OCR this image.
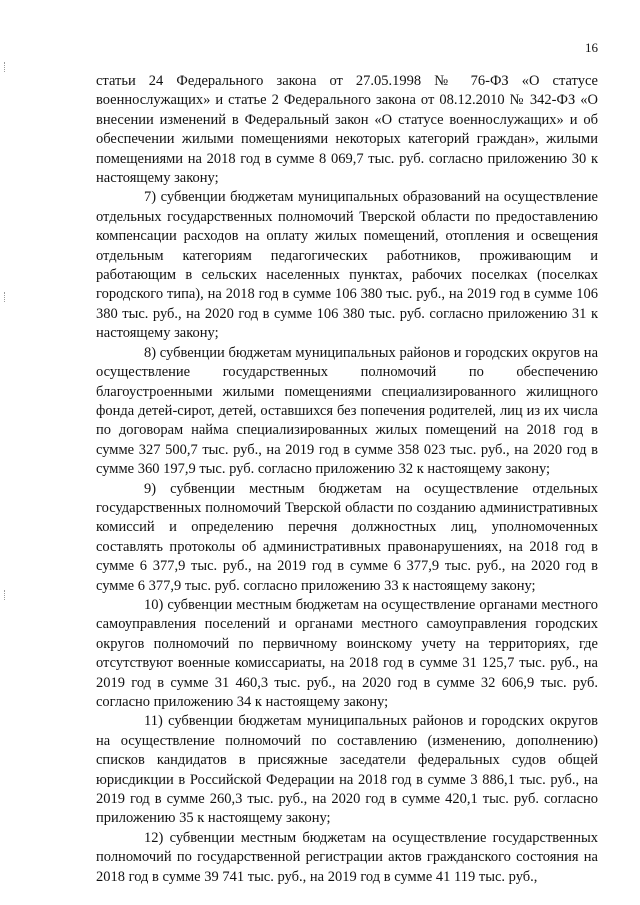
16

статьи 24 Федерального закона от 27.05.1998 № 76-ФЗ «О статусе военнослужащих» и статье 2 Федерального закона от 08.12.2010 № 342-ФЗ «О внесении изменений в Федеральный закон «О статусе военнослужащих» и об обеспечении жилыми помещениями некоторых категорий граждан», жилыми помещениями на 2018 год в сумме 8 069,7 тыс. руб. согласно приложению 30 к настоящему закону;

7) субвенции бюджетам муниципальных образований на осуществление отдельных государственных полномочий Тверской области по предоставлению компенсации расходов на оплату жилых помещений, отопления и освещения отдельным категориям педагогических работников, проживающим и работающим в сельских населенных пунктах, рабочих поселках (поселках городского типа), на 2018 год в сумме 106 380 тыс. руб., на 2019 год в сумме 106 380 тыс. руб., на 2020 год в сумме 106 380 тыс. руб. согласно приложению 31 к настоящему закону;

8) субвенции бюджетам муниципальных районов и городских округов на осуществление государственных полномочий по обеспечению благоустроенными жилыми помещениями специализированного жилищного фонда детей-сирот, детей, оставшихся без попечения родителей, лиц из их числа по договорам найма специализированных жилых помещений на 2018 год в сумме 327 500,7 тыс. руб., на 2019 год в сумме 358 023 тыс. руб., на 2020 год в сумме 360 197,9 тыс. руб. согласно приложению 32 к настоящему закону;

9) субвенции местным бюджетам на осуществление отдельных государственных полномочий Тверской области по созданию административных комиссий и определению перечня должностных лиц, уполномоченных составлять протоколы об административных правонарушениях, на 2018 год в сумме 6 377,9 тыс. руб., на 2019 год в сумме 6 377,9 тыс. руб., на 2020 год в сумме 6 377,9 тыс. руб. согласно приложению 33 к настоящему закону;

10) субвенции местным бюджетам на осуществление органами местного самоуправления поселений и органами местного самоуправления городских округов полномочий по первичному воинскому учету на территориях, где отсутствуют военные комиссариаты, на 2018 год в сумме 31 125,7 тыс. руб., на 2019 год в сумме 31 460,3 тыс. руб., на 2020 год в сумме 32 606,9 тыс. руб. согласно приложению 34 к настоящему закону;

11) субвенции бюджетам муниципальных районов и городских округов на осуществление полномочий по составлению (изменению, дополнению) списков кандидатов в присяжные заседатели федеральных судов общей юрисдикции в Российской Федерации на 2018 год в сумме 3 886,1 тыс. руб., на 2019 год в сумме 260,3 тыс. руб., на 2020 год в сумме 420,1 тыс. руб. согласно приложению 35 к настоящему закону;

12) субвенции местным бюджетам на осуществление государственных полномочий по государственной регистрации актов гражданского состояния на 2018 год в сумме 39 741 тыс. руб., на 2019 год в сумме 41 119 тыс. руб.,
